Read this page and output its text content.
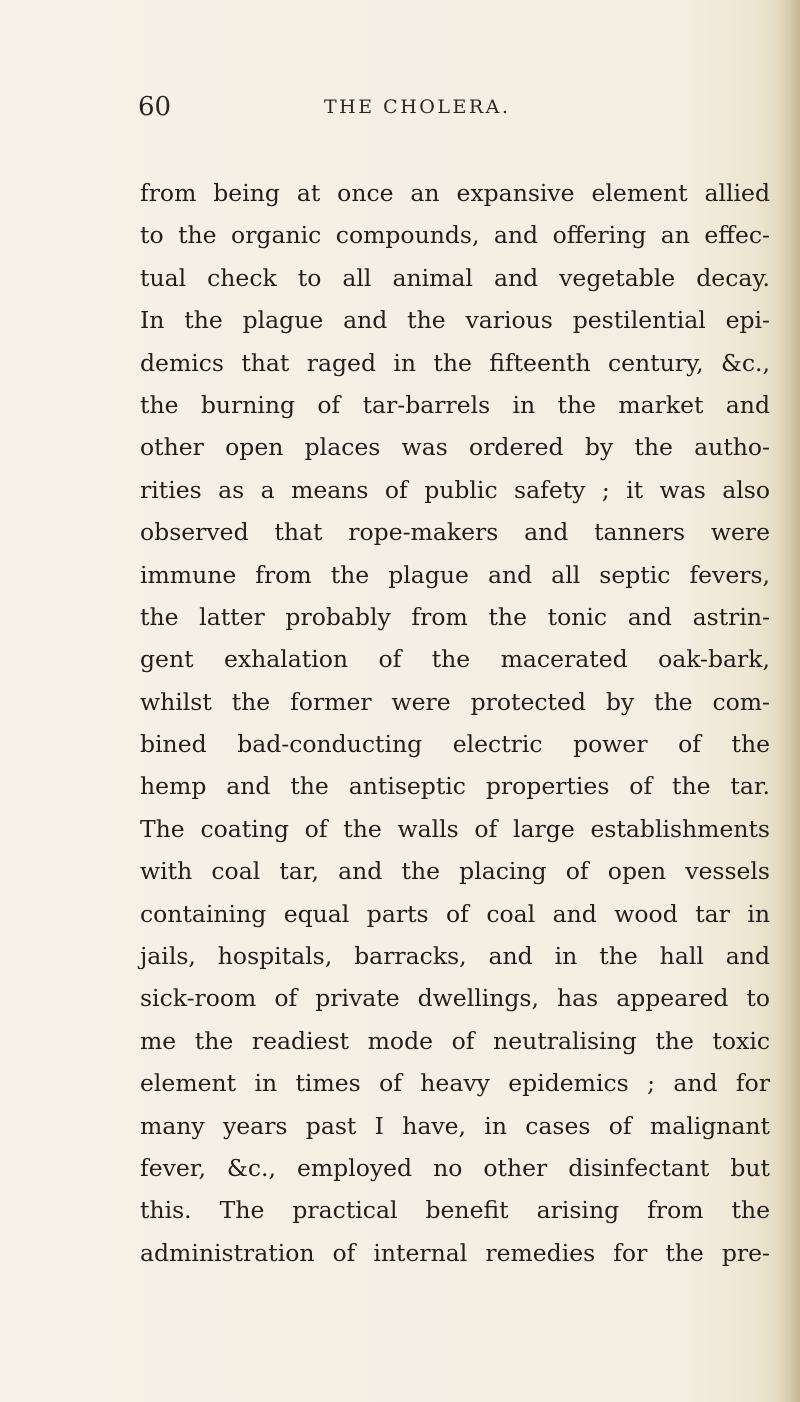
60	THE CHOLERA.
from being at once an expansive element allied
to the organic compounds, and offering an effec-
tual check to all animal and vegetable decay.
In the plague and the various pestilential epi-
demics that raged in the fifteenth century, &c.,
the burning of tar-barrels in the market and
other open places was ordered by the autho-
rities as a means of public safety ; it was also
observed that rope-makers and tanners were
immune from the plague and all septic fevers,
the latter probably from the tonic and astrin-
gent exhalation of the macerated oak-bark,
whilst the former were protected by the com-
bined bad-conducting electric power of the
hemp and the antiseptic properties of the tar.
The coating of the walls of large establishments
with coal tar, and the placing of open vessels
containing equal parts of coal and wood tar in
jails, hospitals, barracks, and in the hall and
sick-room of private dwellings, has appeared to
me the readiest mode of neutralising the toxic
element in times of heavy epidemics ; and for
many years past I have, in cases of malignant
fever, &c., employed no other disinfectant but
this. The practical benefit arising from the
administration of internal remedies for the pre-
